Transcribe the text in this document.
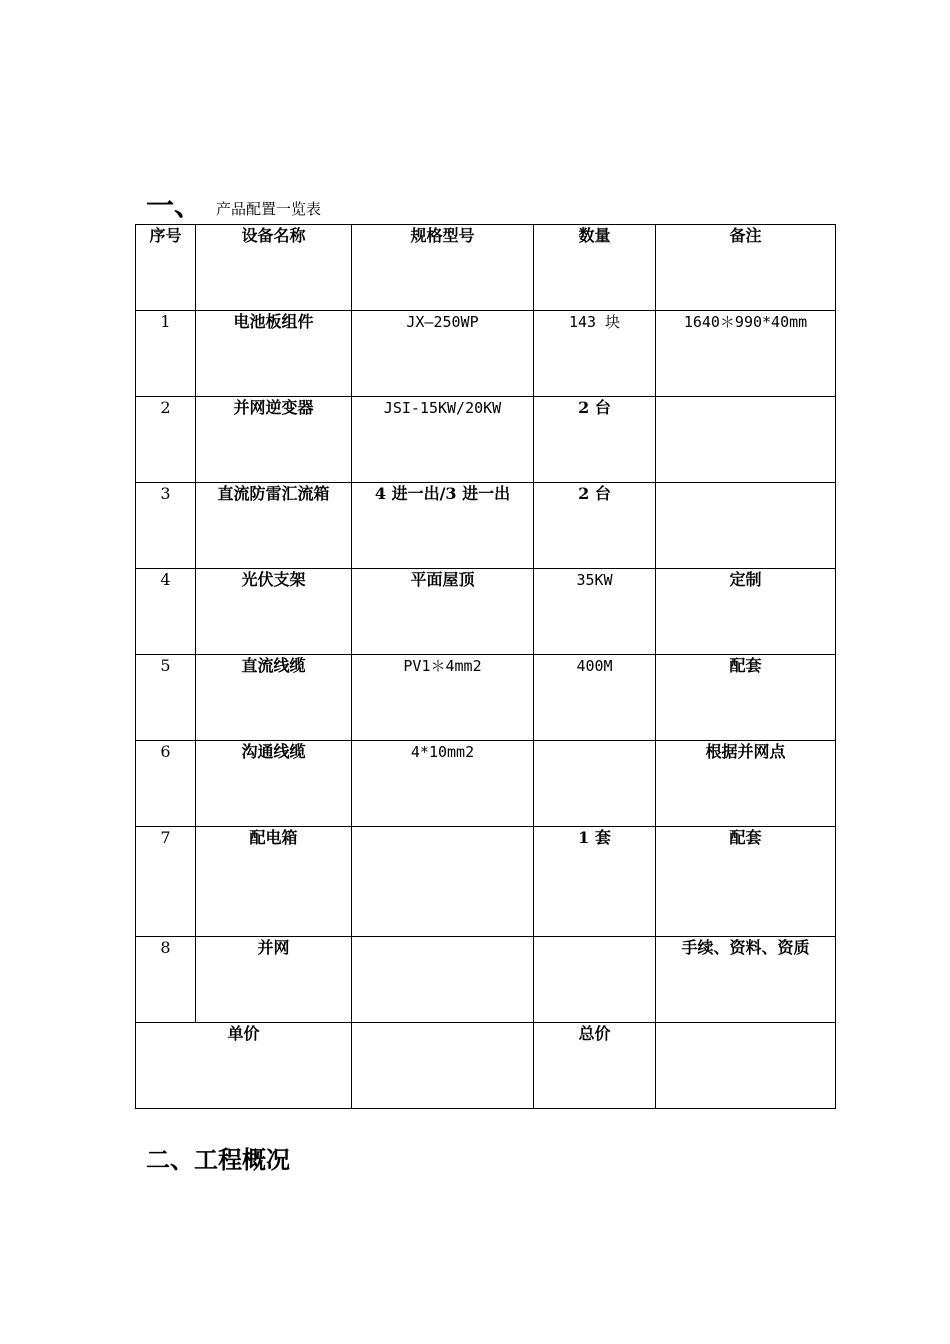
一、 产品配置一览表
序号	设备名称	规格型号	数量	备注
1	电池板组件	JX—250WP	143 块	1640＊990*40mm
2	并网逆变器	JSI-15KW/20KW	2 台	
3	直流防雷汇流箱	4 进一出/3 进一出	2 台	
4	光伏支架	平面屋顶	35KW	定制
5	直流线缆	PV1＊4mm2	400M	配套
6	沟通线缆	4*10mm2		根据并网点
7	配电箱		1 套	配套
8	并网			手续、资料、资质
单价			总价	
二、工程概况
